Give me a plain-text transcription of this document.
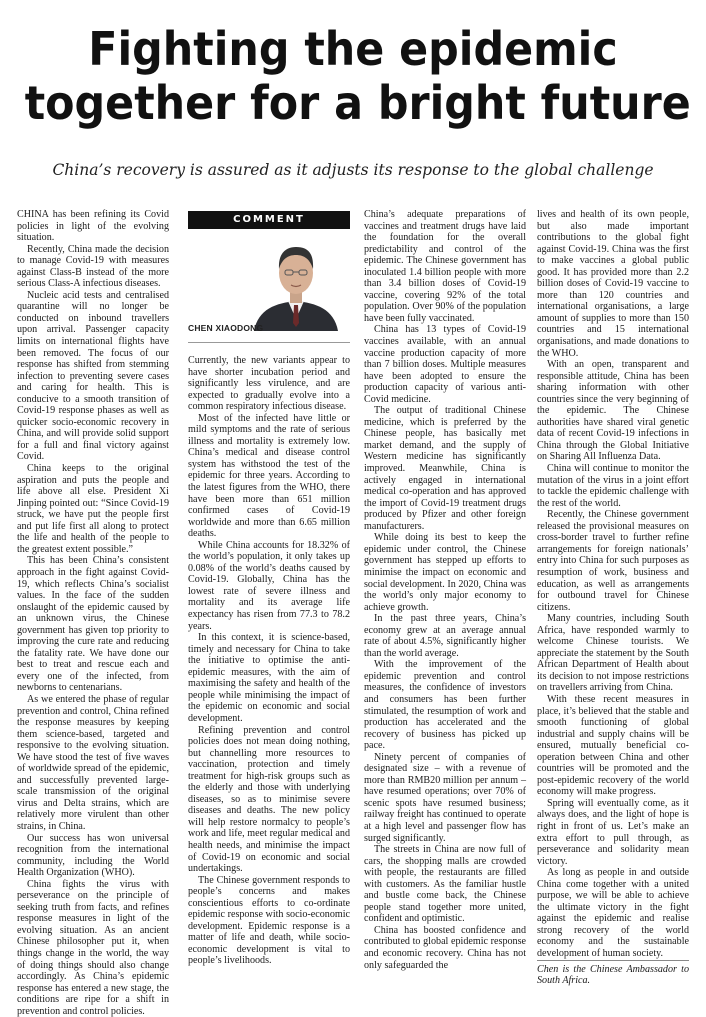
Fighting the epidemic
together for a bright future
China’s recovery is assured as it adjusts its response to the global challenge

CHINA has been refining its Covid policies in light of the evolving situation.

Recently, China made the decision to manage Covid-19 with measures against Class-B instead of the more serious Class-A infectious diseases.

Nucleic acid tests and centralised quarantine will no longer be conducted on inbound travellers upon arrival. Passenger capacity limits on international flights have been removed. The focus of our response has shifted from stemming infection to preventing severe cases and caring for health. This is conducive to a smooth transition of Covid-19 response phases as well as quicker socio-economic recovery in China, and will provide solid support for a full and final victory against Covid.

China keeps to the original aspiration and puts the people and life above all else. President Xi Jinping pointed out: “Since Covid-19 struck, we have put the people first and put life first all along to protect the life and health of the people to the greatest extent possible.”

This has been China’s consistent approach in the fight against Covid-19, which reflects China’s socialist values. In the face of the sudden onslaught of the epidemic caused by an unknown virus, the Chinese government has given top priority to improving the cure rate and reducing the fatality rate. We have done our best to treat and rescue each and every one of the infected, from newborns to centenarians.

As we entered the phase of regular prevention and control, China refined the response measures by keeping them science-based, targeted and responsive to the evolving situation. We have stood the test of five waves of worldwide spread of the epidemic, and successfully prevented large-scale transmission of the original virus and Delta strains, which are relatively more virulent than other strains, in China.

Our success has won universal recognition from the international community, including the World Health Organization (WHO).

China fights the virus with perseverance on the principle of seeking truth from facts, and refines response measures in light of the evolving situation. As an ancient Chinese philosopher put it, when things change in the world, the way of doing things should also change accordingly. As China’s epidemic response has entered a new stage, the conditions are ripe for a shift in prevention and control policies.

COMMENT
CHEN XIAODONG

Currently, the new variants appear to have shorter incubation period and significantly less virulence, and are expected to gradually evolve into a common respiratory infectious disease.

Most of the infected have little or mild symptoms and the rate of serious illness and mortality is extremely low. China’s medical and disease control system has withstood the test of the epidemic for three years. According to the latest figures from the WHO, there have been more than 651 million confirmed cases of Covid-19 worldwide and more than 6.65 million deaths.

While China accounts for 18.32% of the world’s population, it only takes up 0.08% of the world’s deaths caused by Covid-19. Globally, China has the lowest rate of severe illness and mortality and its average life expectancy has risen from 77.3 to 78.2 years.

In this context, it is science-based, timely and necessary for China to take the initiative to optimise the anti-epidemic measures, with the aim of maximising the safety and health of the people while minimising the impact of the epidemic on economic and social development.

Refining prevention and control policies does not mean doing nothing, but channelling more resources to vaccination, protection and timely treatment for high-risk groups such as the elderly and those with underlying diseases, so as to minimise severe diseases and deaths. The new policy will help restore normalcy to people’s work and life, meet regular medical and health needs, and minimise the impact of Covid-19 on economic and social undertakings.

The Chinese government responds to people’s concerns and makes conscientious efforts to co-ordinate epidemic response with socio-economic development. Epidemic response is a matter of life and death, while socio-economic development is vital to people’s livelihoods.

China’s adequate preparations of vaccines and treatment drugs have laid the foundation for the overall predictability and control of the epidemic. The Chinese government has inoculated 1.4 billion people with more than 3.4 billion doses of Covid-19 vaccine, covering 92% of the total population. Over 90% of the population have been fully vaccinated.

China has 13 types of Covid-19 vaccines available, with an annual vaccine production capacity of more than 7 billion doses. Multiple measures have been adopted to ensure the production capacity of various anti-Covid medicine.

The output of traditional Chinese medicine, which is preferred by the Chinese people, has basically met market demand, and the supply of Western medicine has significantly improved. Meanwhile, China is actively engaged in international medical co-operation and has approved the import of Covid-19 treatment drugs produced by Pfizer and other foreign manufacturers.

While doing its best to keep the epidemic under control, the Chinese government has stepped up efforts to minimise the impact on economic and social development. In 2020, China was the world’s only major economy to achieve growth.

In the past three years, China’s economy grew at an average annual rate of about 4.5%, significantly higher than the world average.

With the improvement of the epidemic prevention and control measures, the confidence of investors and consumers has been further stimulated, the resumption of work and production has accelerated and the recovery of business has picked up pace.

Ninety percent of companies of designated size – with a revenue of more than RMB20 million per annum – have resumed operations; over 70% of scenic spots have resumed business; railway freight has continued to operate at a high level and passenger flow has surged significantly.

The streets in China are now full of cars, the shopping malls are crowded with people, the restaurants are filled with customers. As the familiar hustle and bustle come back, the Chinese people stand together more united, confident and optimistic.

China has boosted confidence and contributed to global epidemic response and economic recovery. China has not only safeguarded the

lives and health of its own people, but also made important contributions to the global fight against Covid-19. China was the first to make vaccines a global public good. It has provided more than 2.2 billion doses of Covid-19 vaccine to more than 120 countries and international organisations, a large amount of supplies to more than 150 countries and 15 international organisations, and made donations to the WHO.

With an open, transparent and responsible attitude, China has been sharing information with other countries since the very beginning of the epidemic. The Chinese authorities have shared viral genetic data of recent Covid-19 infections in China through the Global Initiative on Sharing All Influenza Data.

China will continue to monitor the mutation of the virus in a joint effort to tackle the epidemic challenge with the rest of the world.

Recently, the Chinese government released the provisional measures on cross-border travel to further refine arrangements for foreign nationals’ entry into China for such purposes as resumption of work, business and education, as well as arrangements for outbound travel for Chinese citizens.

Many countries, including South Africa, have responded warmly to welcome Chinese tourists. We appreciate the statement by the South African Department of Health about its decision to not impose restrictions on travellers arriving from China.

With these recent measures in place, it’s believed that the stable and smooth functioning of global industrial and supply chains will be ensured, mutually beneficial co-operation between China and other countries will be promoted and the post-epidemic recovery of the world economy will make progress.

Spring will eventually come, as it always does, and the light of hope is right in front of us. Let’s make an extra effort to pull through, as perseverance and solidarity mean victory.

As long as people in and outside China come together with a united purpose, we will be able to achieve the ultimate victory in the fight against the epidemic and realise strong recovery of the world economy and the sustainable development of human society.

Chen is the Chinese Ambassador to South Africa.
